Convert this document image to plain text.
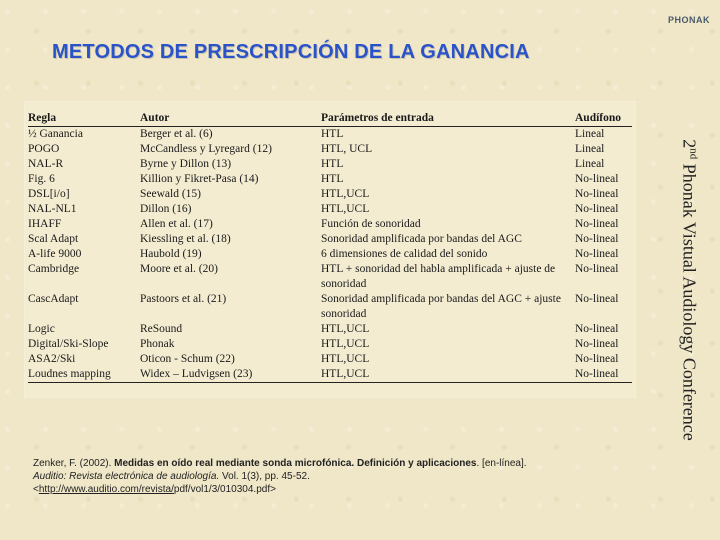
PHONAK
METODOS DE PRESCRIPCIÓN DE LA GANANCIA
2nd Phonak Vistual Audiology Conference
Regla	Autor	Parámetros de entrada	Audífono
½ Ganancia	Berger et al. (6)	HTL	Lineal
POGO	McCandless y Lyregard (12)	HTL, UCL	Lineal
NAL-R	Byrne y Dillon (13)	HTL	Lineal
Fig. 6	Killion y Fikret-Pasa (14)	HTL	No-lineal
DSL[i/o]	Seewald (15)	HTL,UCL	No-lineal
NAL-NL1	Dillon (16)	HTL,UCL	No-lineal
IHAFF	Allen et al. (17)	Función de sonoridad	No-lineal
Scal Adapt	Kiessling et al. (18)	Sonoridad amplificada por bandas del AGC	No-lineal
A-life 9000	Haubold (19)	6 dimensiones de calidad del sonido	No-lineal
Cambridge	Moore et al. (20)	HTL + sonoridad del habla amplificada + ajuste de sonoridad	No-lineal
CascAdapt	Pastoors et al. (21)	Sonoridad amplificada por bandas del AGC + ajuste sonoridad	No-lineal
Logic	ReSound	HTL,UCL	No-lineal
Digital/Ski-Slope	Phonak	HTL,UCL	No-lineal
ASA2/Ski	Oticon - Schum (22)	HTL,UCL	No-lineal
Loudnes mapping	Widex – Ludvigsen (23)	HTL,UCL	No-lineal
Zenker, F. (2002). Medidas en oído real mediante sonda microfónica. Definición y aplicaciones. [en-línea].
Auditio: Revista electrónica de audiología. Vol. 1(3), pp. 45-52.
<http://www.auditio.com/revista/pdf/vol1/3/010304.pdf>
